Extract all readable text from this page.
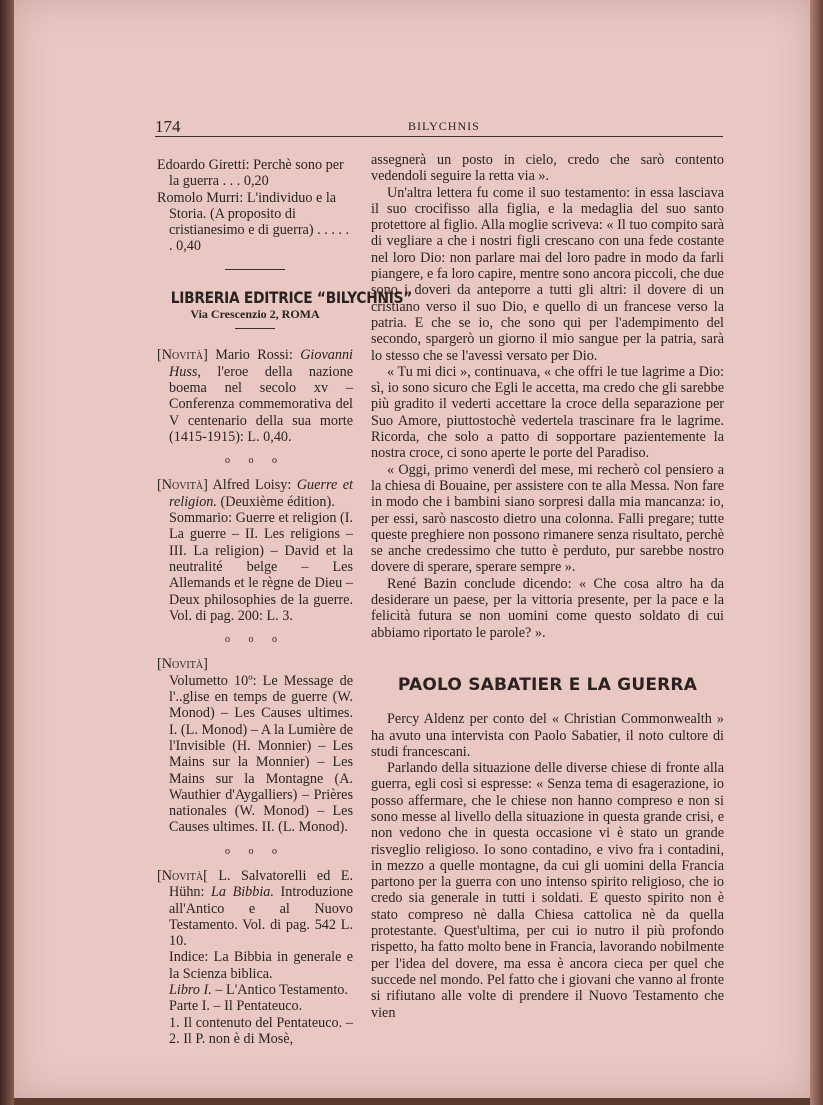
174	BILYCHNIS
Edoardo Giretti: Perchè sono per la guerra . . . 0,20
Romolo Murri: L'individuo e la Storia. (A proposito di cristianesimo e di guerra) . . . . . . 0,40
LIBRERIA EDITRICE “BILYCHNIS”
Via Crescenzio 2, ROMA

[Novità] Mario Rossi: Giovanni Huss, l'eroe della nazione boema nel secolo xv – Conferenza commemorativa del V centenario della sua morte (1415-1915): L. 0,40.

o o o

[Novità] Alfred Loisy: Guerre et religion. (Deuxième édition).

Sommario: Guerre et religion (I. La guerre – II. Les religions – III. La religion) – David et la neutralité belge – Les Allemands et le règne de Dieu – Deux philosophies de la guerre. Vol. di pag. 200: L. 3.

o o o

[Novità]

Volumetto 10º: Le Message de l'..glise en temps de guerre (W. Monod) – Les Causes ultimes. I. (L. Monod) – A la Lumière de l'Invisible (H. Monnier) – Les Mains sur la Monnier) – Les Mains sur la Montagne (A. Wauthier d'Aygalliers) – Prières nationales (W. Monod) – Les Causes ultimes. II. (L. Monod).

o o o

[Novità[ L. Salvatorelli ed E. Hühn: La Bibbia. Introduzione all'Antico e al Nuovo Testamento. Vol. di pag. 542 L. 10.

Indice: La Bibbia in generale e la Scienza biblica.

Libro I. – L'Antico Testamento.

Parte I. – Il Pentateuco.

1. Il contenuto del Pentateuco. – 2. Il P. non è di Mosè,

assegnerà un posto in cielo, credo che sarò contento vedendoli seguire la retta via ».

Un'altra lettera fu come il suo testamento: in essa lasciava il suo crocifisso alla figlia, e la medaglia del suo santo protettore al figlio. Alla moglie scriveva: « Il tuo compito sarà di vegliare a che i nostri figli crescano con una fede costante nel loro Dio: non parlare mai del loro padre in modo da farli piangere, e fa loro capire, mentre sono ancora piccoli, che due sono i doveri da anteporre a tutti gli altri: il dovere di un cristiano verso il suo Dio, e quello di un francese verso la patria. E che se io, che sono qui per l'adempimento del secondo, spargerò un giorno il mio sangue per la patria, sarà lo stesso che se l'avessi versato per Dio.

« Tu mi dici », continuava, « che offri le tue lagrime a Dio: sì, io sono sicuro che Egli le accetta, ma credo che gli sarebbe più gradito il vederti accettare la croce della separazione per Suo Amore, piuttostochè vedertela trascinare fra le lagrime. Ricorda, che solo a patto di sopportare pazientemente la nostra croce, ci sono aperte le porte del Paradiso.

« Oggi, primo venerdì del mese, mi recherò col pensiero a la chiesa di Bouaine, per assistere con te alla Messa. Non fare in modo che i bambini siano sorpresi dalla mia mancanza: io, per essi, sarò nascosto dietro una colonna. Falli pregare; tutte queste preghiere non possono rimanere senza risultato, perchè se anche credessimo che tutto è perduto, pur sarebbe nostro dovere di sperare, sperare sempre ».

René Bazin conclude dicendo: « Che cosa altro ha da desiderare un paese, per la vittoria presente, per la pace e la felicità futura se non uomini come questo soldato di cui abbiamo riportato le parole? ».

PAOLO SABATIER E LA GUERRA

Percy Aldenz per conto del « Christian Commonwealth » ha avuto una intervista con Paolo Sabatier, il noto cultore di studi francescani.

Parlando della situazione delle diverse chiese di fronte alla guerra, egli così si espresse: « Senza tema di esagerazione, io posso affermare, che le chiese non hanno compreso e non si sono messe al livello della situazione in questa grande crisi, e non vedono che in questa occasione vi è stato un grande risveglio religioso. Io sono contadino, e vivo fra i contadini, in mezzo a quelle montagne, da cui gli uomini della Francia partono per la guerra con uno intenso spirito religioso, che io credo sia generale in tutti i soldati. E questo spirito non è stato compreso nè dalla Chiesa cattolica nè da quella protestante. Quest'ultima, per cui io nutro il più profondo rispetto, ha fatto molto bene in Francia, lavorando nobilmente per l'idea del dovere, ma essa è ancora cieca per quel che succede nel mondo. Pel fatto che i giovani che vanno al fronte si rifiutano alle volte di prendere il Nuovo Testamento che vien
